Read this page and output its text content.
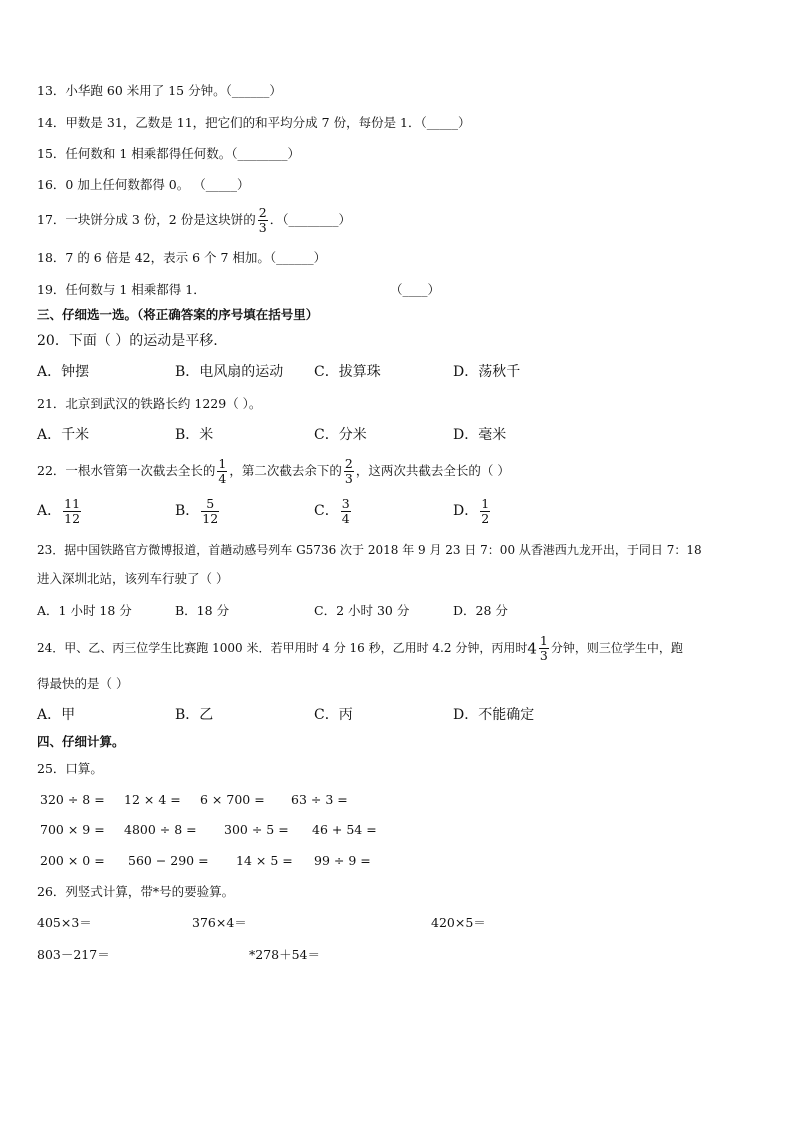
13．小华跑 60 米用了 15 分钟。（______）
14．甲数是 31，乙数是 11，把它们的和平均分成 7 份，每份是 1．（_____）
15．任何数和 1 相乘都得任何数。（________）
16．0 加上任何数都得 0。 （_____）
17．一块饼分成 3 份，2 份是这块饼的 $\frac{2}{3}$ ．（________）
18．7 的 6 倍是 42，表示 6 个 7 相加。（______）
19．任何数与 1 相乘都得 1．	（____）
三、仔细选一选。（将正确答案的序号填在括号里）
20．下面（ ）的运动是平移.
A．钟摆	B．电风扇的运动 C．拔算珠	D．荡秋千
21．北京到武汉的铁路长约 1229（ ）。
A．千米	B．米	C．分米	D．毫米
22．一根水管第一次截去全长的 $\frac{1}{4}$ ，第二次截去余下的 $\frac{2}{3}$ ，这两次共截去全长的（ ）
A． $\frac{11}{12}$	B． $\frac{5}{12}$	C． $\frac{3}{4}$	D． $\frac{1}{2}$
23．据中国铁路官方微博报道，首趟动感号列车 G5736 次于 2018 年 9 月 23 日 7：00 从香港西九龙开出，于同日 7：18
进入深圳北站，该列车行驶了（ ）
A．1 小时 18 分	B．18 分	C．2 小时 30 分	D．28 分
24．甲、乙、丙三位学生比赛跑 1000 米．若甲用时 4 分 16 秒，乙用时 4.2 分钟，丙用时$4 \frac{1}{3}$ 分钟，则三位学生中，跑
得最快的是（ ）
A．甲	B．乙	C．丙	D．不能确定
四、仔细计算。
25．口算。
320 ÷ 8 = 12 × 4 = 6 × 700 = 63 ÷ 3 =
700 × 9 = 4800 ÷ 8 = 300 ÷ 5 = 46 + 54 =
200 × 0 = 560 − 290 = 14 × 5 = 99 ÷ 9 =
26．列竖式计算，带*号的要验算。
405×3＝	376×4＝	420×5＝
803－217＝	*278＋54＝
